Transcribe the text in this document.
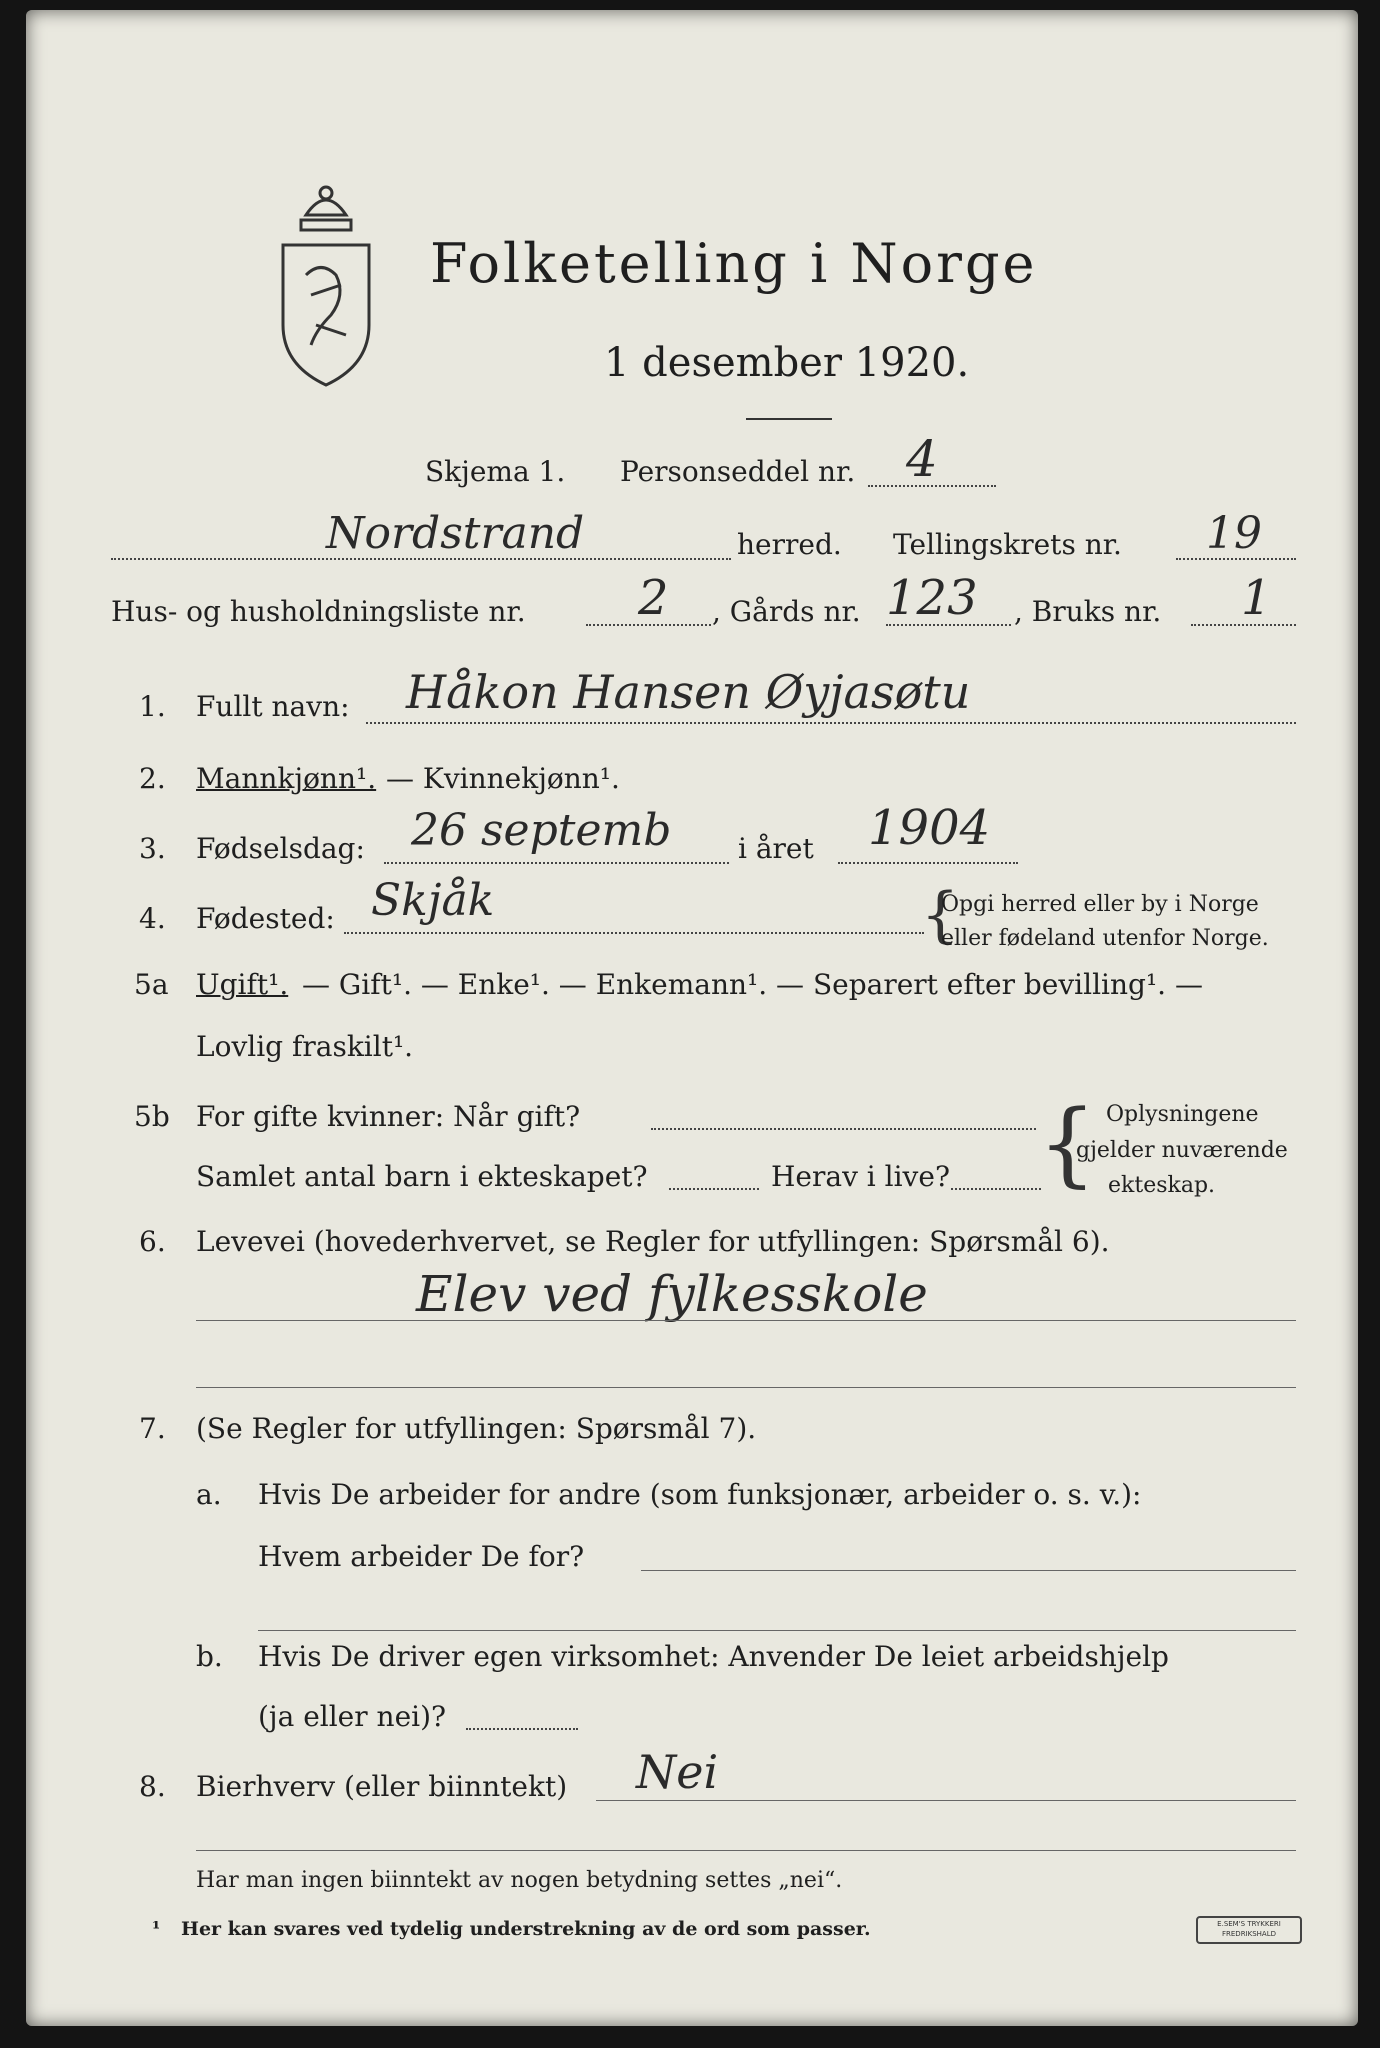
Folketelling i Norge
1 desember 1920.
Skjema 1. Personseddel nr. 4
Nordstrand	herred. Tellingskrets nr. 19
Hus- og husholdningsliste nr. 2 , Gårds nr. 123 , Bruks nr. 1
1. Fullt navn: Håkon Hansen Øyjasøtu
2. Mannkjønn¹. — Kvinnekjønn¹.
3. Fødselsdag: 26 septemb i året 1904
4. Fødested: Skjåk	{
Opgi herred eller by i Norge
eller fødeland utenfor Norge.
5a Ugift¹. — Gift¹. — Enke¹. — Enkemann¹. — Separert efter bevilling¹. —
Lovlig fraskilt¹.
5b For gifte kvinner: Når gift?
Samlet antal barn i ekteskapet?	Herav i live? { Oplysningene
gjelder nuværende
ekteskap.
6. Levevei (hovederhvervet, se Regler for utfyllingen: Spørsmål 6).
Elev ved fylkesskole
7. (Se Regler for utfyllingen: Spørsmål 7).
a. Hvis De arbeider for andre (som funksjonær, arbeider o. s. v.):
Hvem arbeider De for?
b. Hvis De driver egen virksomhet: Anvender De leiet arbeidshjelp
(ja eller nei)?
8. Bierhverv (eller biinntekt) Nei
Har man ingen biinntekt av nogen betydning settes „nei“.
¹ Her kan svares ved tydelig understrekning av de ord som passer.	E.SEM'S TRYKKERI
FREDRIKSHALD
